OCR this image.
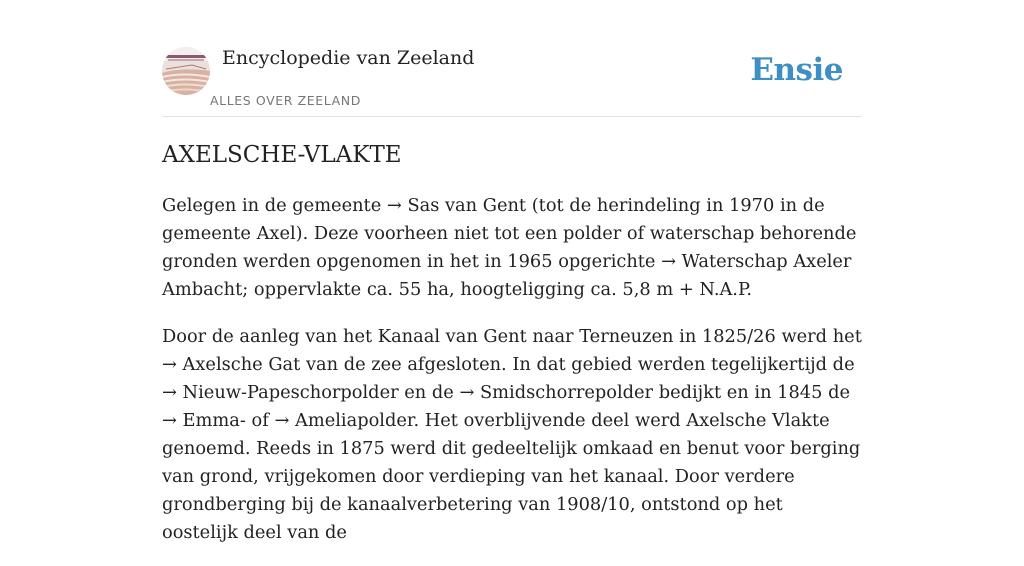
Encyclopedie van Zeeland
ALLES OVER ZEELAND
Ensie
AXELSCHE-VLAKTE

Gelegen in de gemeente → Sas van Gent (tot de herindeling in 1970 in de gemeente Axel). Deze voorheen niet tot een polder of waterschap behorende gronden werden opgenomen in het in 1965 opgerichte → Waterschap Axeler Ambacht; oppervlakte ca. 55 ha, hoogteligging ca. 5,8 m + N.A.P.

Door de aanleg van het Kanaal van Gent naar Terneuzen in 1825/26 werd het → Axelsche Gat van de zee afgesloten. In dat gebied werden tegelijkertijd de → Nieuw-Papeschorpolder en de → Smidschorrepolder bedijkt en in 1845 de → Emma- of → Ameliapolder. Het overblijvende deel werd Axelsche Vlakte genoemd. Reeds in 1875 werd dit gedeeltelijk omkaad en benut voor berging van grond, vrijgekomen door verdieping van het kanaal. Door verdere grondberging bij de kanaalverbetering van 1908/10, ontstond op het oostelijk deel van de
